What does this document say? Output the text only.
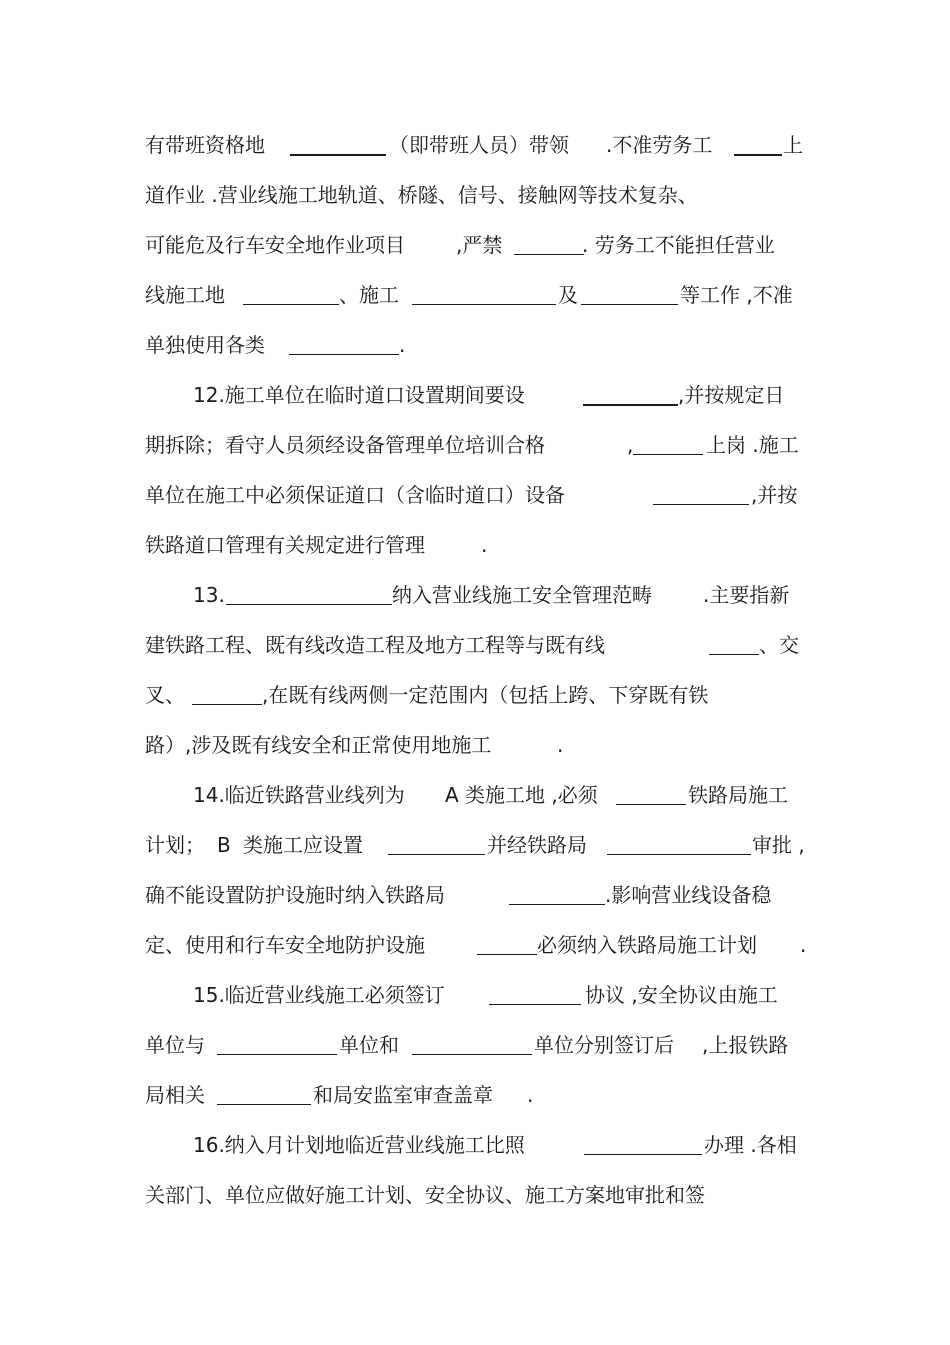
有带班资格地	（即带班人员）带领 .不准劳务工	上
道作业 .营业线施工地轨道、桥隧、信号、接触网等技术复杂、
可能危及行车安全地作业项目	,严禁	. 劳务工不能担任营业
线施工地	、施工	及	等工作 ,不准
单独使用各类	.
12.施工单位在临时道口设置期间要设	,并按规定日
期拆除；看守人员须经设备管理单位培训合格	,	上岗 .施工
单位在施工中必须保证道口（含临时道口）设备	,并按
铁路道口管理有关规定进行管理	.
13.	纳入营业线施工安全管理范畴	.主要指新
建铁路工程、既有线改造工程及地方工程等与既有线	、交
叉、	,在既有线两侧一定范围内（包括上跨、下穿既有铁
路）,涉及既有线安全和正常使用地施工	.
14.临近铁路营业线列为 A 类施工地 ,必须	铁路局施工
计划； B 类施工应设置	并经铁路局	审批 ,
确不能设置防护设施时纳入铁路局	.影响营业线设备稳
定、使用和行车安全地防护设施	必须纳入铁路局施工计划 .
15.临近营业线施工必须签订	协议 ,安全协议由施工
单位与	单位和	单位分别签订后 ,上报铁路
局相关	和局安监室审查盖章 .
16.纳入月计划地临近营业线施工比照	办理 .各相
关部门、单位应做好施工计划、安全协议、施工方案地审批和签
